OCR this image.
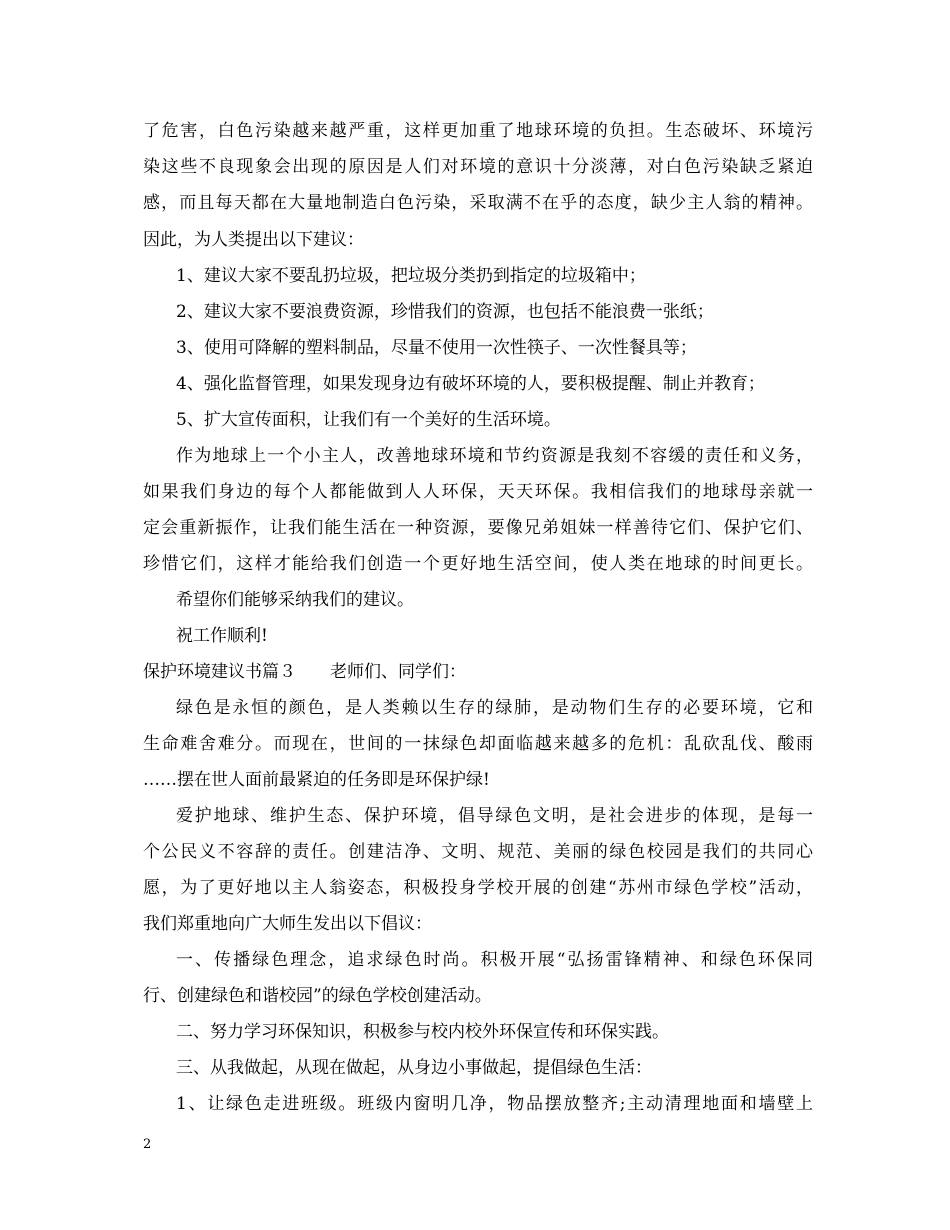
了危害，白色污染越来越严重，这样更加重了地球环境的负担。生态破坏、环境污
染这些不良现象会出现的原因是人们对环境的意识十分淡薄，对白色污染缺乏紧迫
感，而且每天都在大量地制造白色污染，采取满不在乎的态度，缺少主人翁的精神。
因此，为人类提出以下建议：
1、建议大家不要乱扔垃圾，把垃圾分类扔到指定的垃圾箱中；
2、建议大家不要浪费资源，珍惜我们的资源，也包括不能浪费一张纸；
3、使用可降解的塑料制品，尽量不使用一次性筷子、一次性餐具等；
4、强化监督管理，如果发现身边有破坏环境的人，要积极提醒、制止并教育；
5、扩大宣传面积，让我们有一个美好的生活环境。
作为地球上一个小主人，改善地球环境和节约资源是我刻不容缓的责任和义务，
如果我们身边的每个人都能做到人人环保，天天环保。我相信我们的地球母亲就一
定会重新振作，让我们能生活在一种资源，要像兄弟姐妹一样善待它们、保护它们、
珍惜它们，这样才能给我们创造一个更好地生活空间，使人类在地球的时间更长。
希望你们能够采纳我们的建议。
祝工作顺利!
保护环境建议书篇３　　老师们、同学们：
绿色是永恒的颜色，是人类赖以生存的绿肺，是动物们生存的必要环境，它和
生命难舍难分。而现在，世间的一抹绿色却面临越来越多的危机：乱砍乱伐、酸雨
……摆在世人面前最紧迫的任务即是环保护绿!
爱护地球、维护生态、保护环境，倡导绿色文明，是社会进步的体现，是每一
个公民义不容辞的责任。创建洁净、文明、规范、美丽的绿色校园是我们的共同心
愿，为了更好地以主人翁姿态，积极投身学校开展的创建“苏州市绿色学校”活动，
我们郑重地向广大师生发出以下倡议：
一、传播绿色理念，追求绿色时尚。积极开展“弘扬雷锋精神、和绿色环保同
行、创建绿色和谐校园”的绿色学校创建活动。
二、努力学习环保知识，积极参与校内校外环保宣传和环保实践。
三、从我做起，从现在做起，从身边小事做起，提倡绿色生活：
1、让绿色走进班级。班级内窗明几净，物品摆放整齐;主动清理地面和墙壁上
2
